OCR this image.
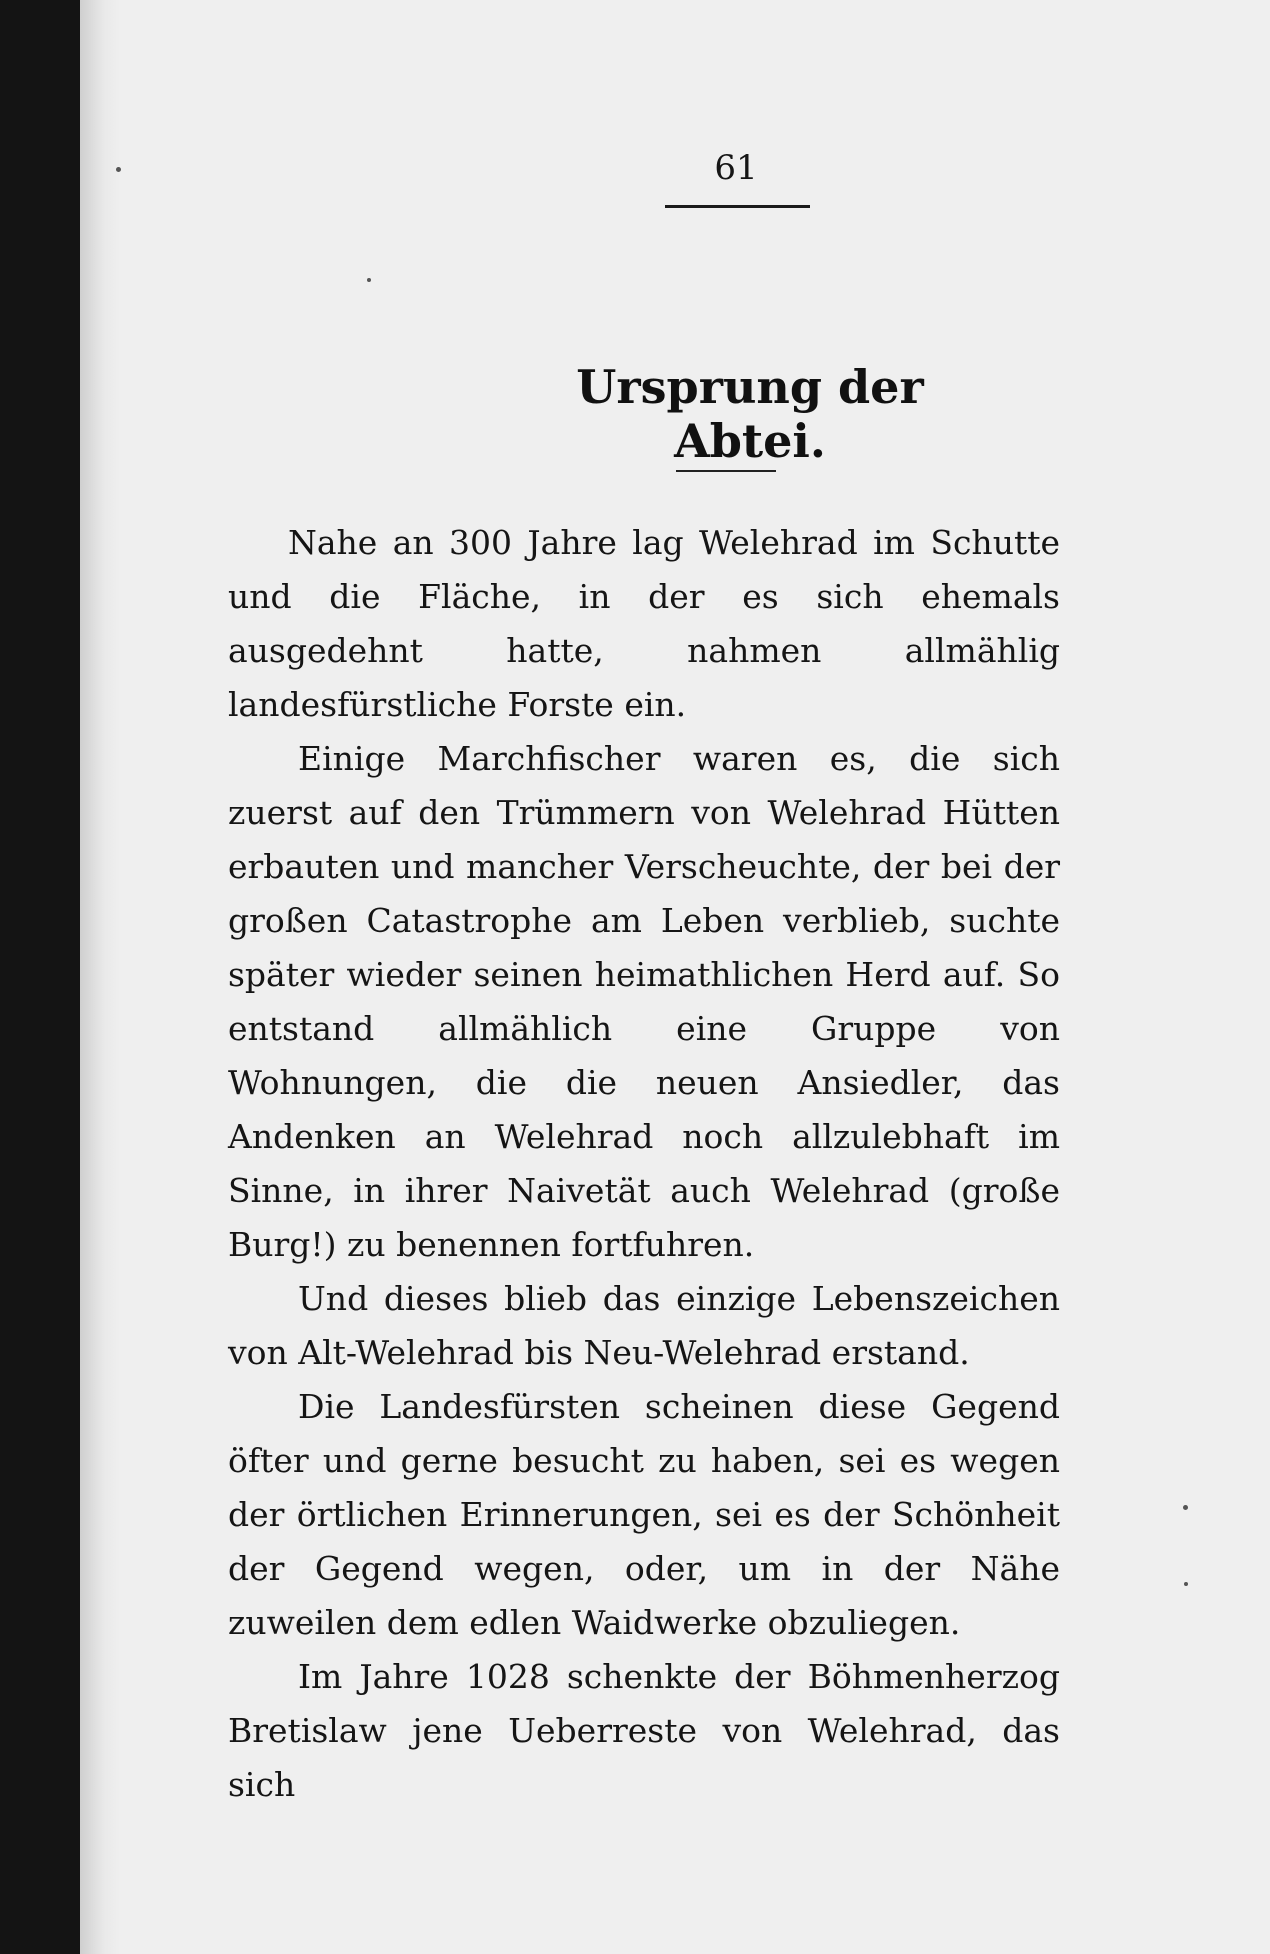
61
Ursprung der Abtei.

Nahe an 300 Jahre lag Welehrad im Schutte und die Fläche, in der es sich ehemals ausgedehnt hatte, nahmen allmählig landesfürstliche Forste ein.

Einige Marchfischer waren es, die sich zuerst auf den Trümmern von Welehrad Hütten erbauten und mancher Verscheuchte, der bei der großen Catastrophe am Leben verblieb, suchte später wieder seinen heimathlichen Herd auf. So entstand allmählich eine Gruppe von Wohnungen, die die neuen Ansiedler, das Andenken an Welehrad noch allzulebhaft im Sinne, in ihrer Naivetät auch Welehrad (große Burg!) zu benennen fortfuhren.

Und dieses blieb das einzige Lebenszeichen von Alt-Welehrad bis Neu-Welehrad erstand.

Die Landesfürsten scheinen diese Gegend öfter und gerne besucht zu haben, sei es wegen der örtlichen Erinnerungen, sei es der Schönheit der Gegend wegen, oder, um in der Nähe zuweilen dem edlen Waidwerke obzuliegen.

Im Jahre 1028 schenkte der Böhmenherzog Bretislaw jene Ueberreste von Welehrad, das sich
